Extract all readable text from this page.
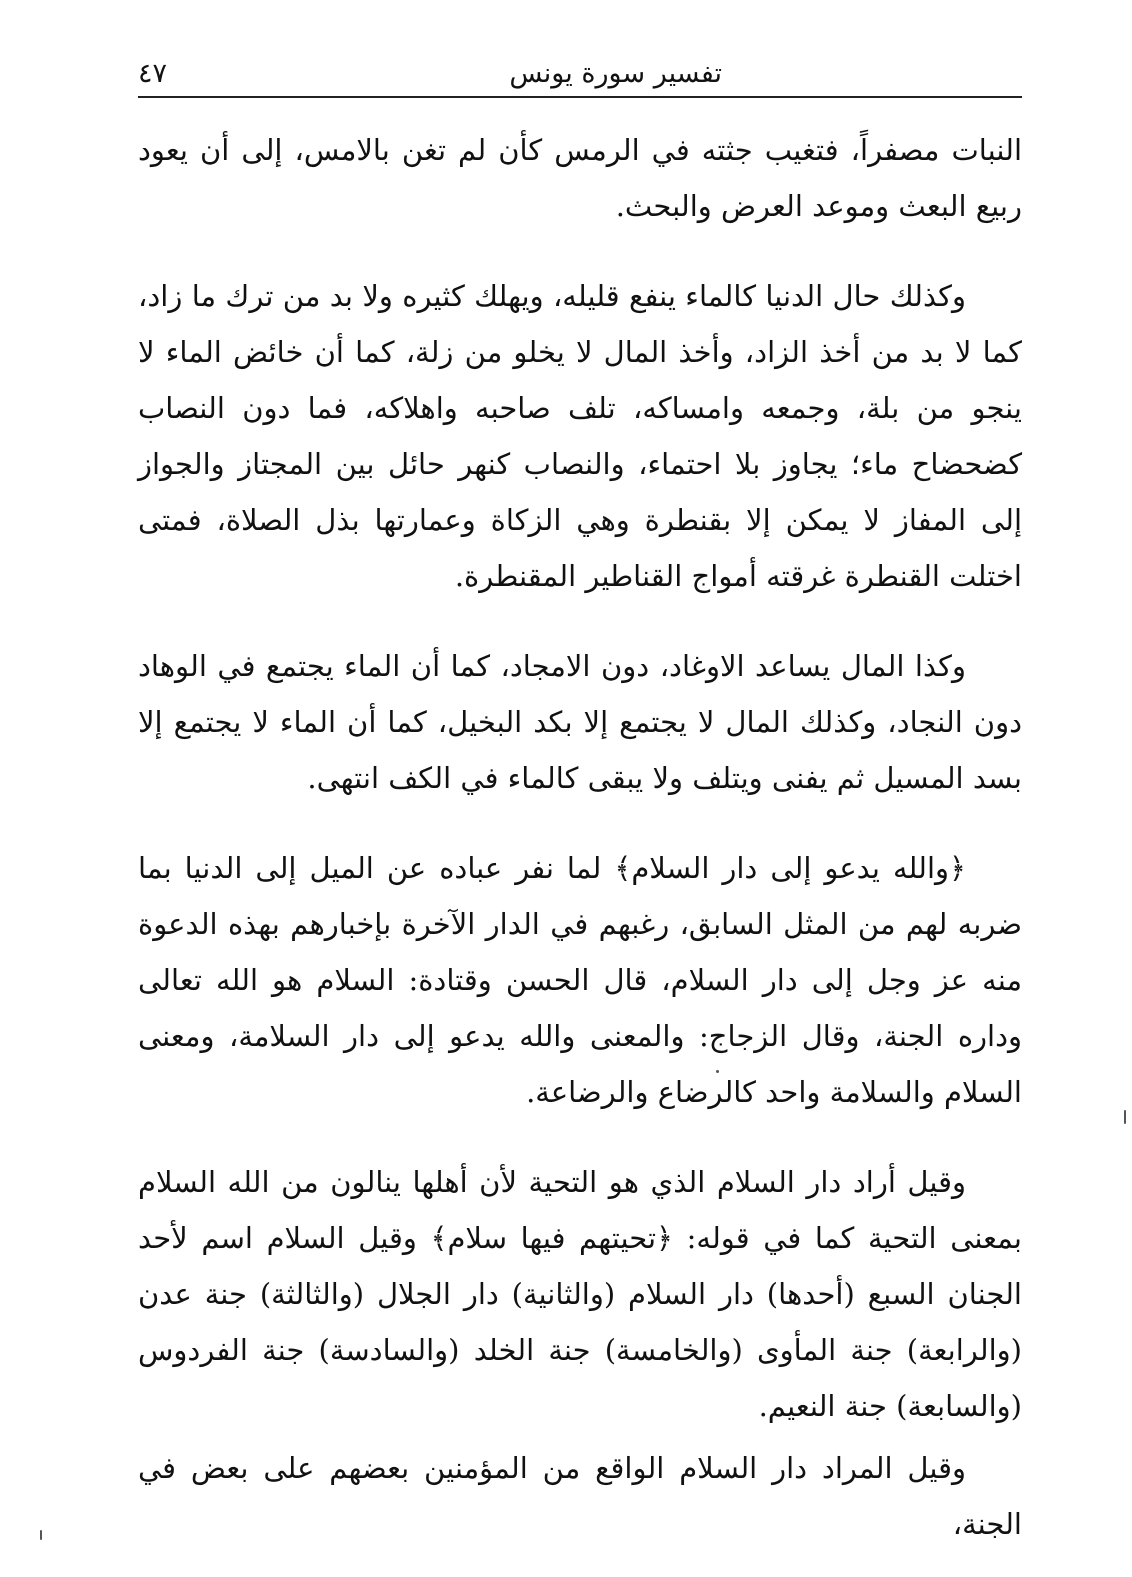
تفسير سورة يونس
٤٧

النبات مصفراً، فتغيب جثته في الرمس كأن لم تغن بالامس، إلى أن يعود ربيع البعث وموعد العرض والبحث.

وكذلك حال الدنيا كالماء ينفع قليله، ويهلك كثيره ولا بد من ترك ما زاد، كما لا بد من أخذ الزاد، وأخذ المال لا يخلو من زلة، كما أن خائض الماء لا ينجو من بلة، وجمعه وامساكه، تلف صاحبه واهلاكه، فما دون النصاب كضحضاح ماء؛ يجاوز بلا احتماء، والنصاب كنهر حائل بين المجتاز والجواز إلى المفاز لا يمكن إلا بقنطرة وهي الزكاة وعمارتها بذل الصلاة، فمتى اختلت القنطرة غرقته أمواج القناطير المقنطرة.

وكذا المال يساعد الاوغاد، دون الامجاد، كما أن الماء يجتمع في الوهاد دون النجاد، وكذلك المال لا يجتمع إلا بكد البخيل، كما أن الماء لا يجتمع إلا بسد المسيل ثم يفنى ويتلف ولا يبقى كالماء في الكف انتهى.

﴿والله يدعو إلى دار السلام﴾ لما نفر عباده عن الميل إلى الدنيا بما ضربه لهم من المثل السابق، رغبهم في الدار الآخرة بإخبارهم بهذه الدعوة منه عز وجل إلى دار السلام، قال الحسن وقتادة: السلام هو الله تعالى وداره الجنة، وقال الزجاج: والمعنى والله يدعو إلى دار السلامة، ومعنى السلام والسلامة واحد كالرضاع والرضاعة.

وقيل أراد دار السلام الذي هو التحية لأن أهلها ينالون من الله السلام بمعنى التحية كما في قوله: ﴿تحيتهم فيها سلام﴾ وقيل السلام اسم لأحد الجنان السبع (أحدها) دار السلام (والثانية) دار الجلال (والثالثة) جنة عدن (والرابعة) جنة المأوى (والخامسة) جنة الخلد (والسادسة) جنة الفردوس (والسابعة) جنة النعيم.

وقيل المراد دار السلام الواقع من المؤمنين بعضهم على بعض في الجنة،
